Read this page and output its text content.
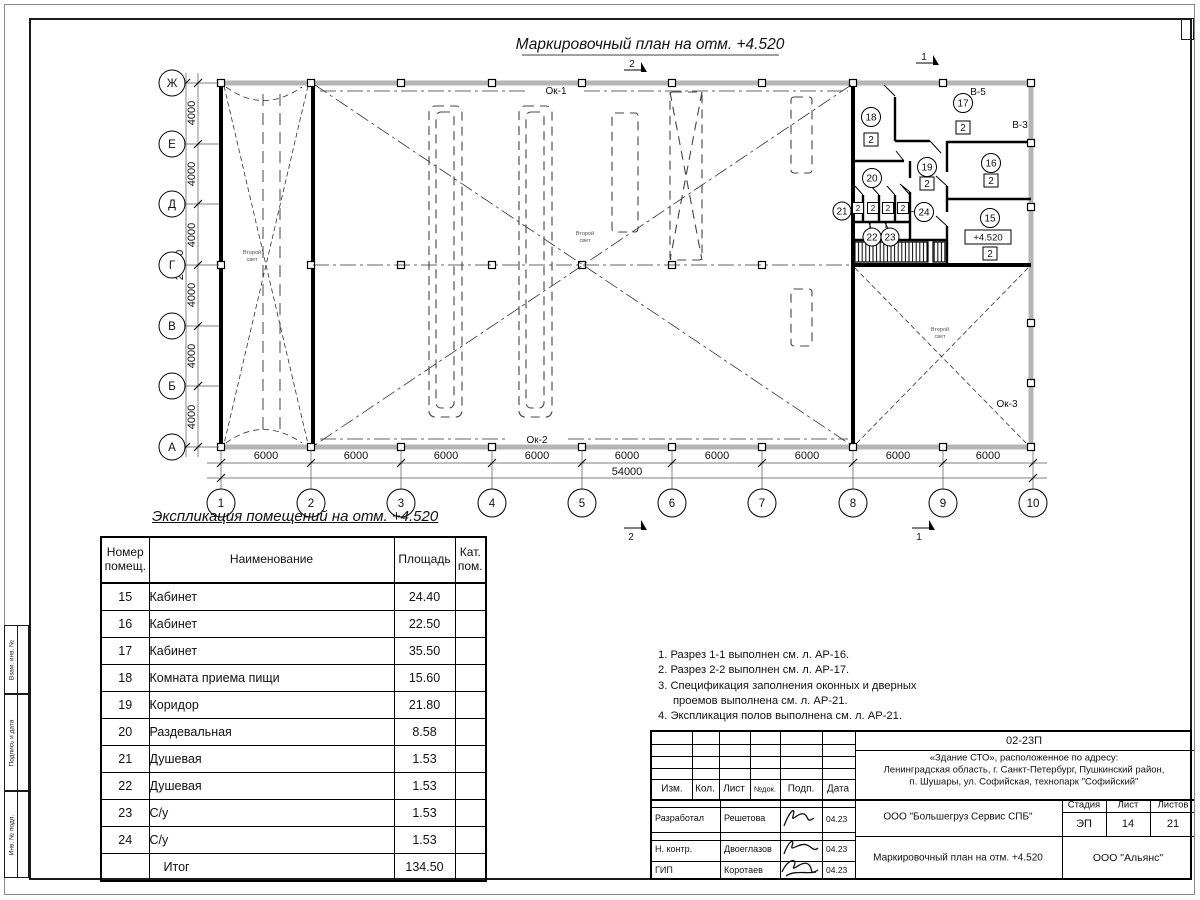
Взам. инв. №
Подпись и дата
Инв. № подл.
Маркировочный план на отм. +4.520
2
1
2	1
Ок-1
Ок-2
Ок-3
В-5
В-3
Второй
свет
Второй
свет
Второй
свет
6000	6000	6000	6000	6000	6000	6000	6000	6000
54000
4000
4000
4000
4000
4000
4000
Ж
Е
Д
Г
В
Б
А
1	2	3	4	5	6	7	8	9	10
17
2
18
2
19
2
16
2
15
+4.520
2
20
21
22 23
24
2 2 2 2
Экспликация помещений на отм. +4.520
Номер помещ.	Наименование	Площадь	Кат. пом.
15	Кабинет	24.40	
16	Кабинет	22.50	
17	Кабинет	35.50	
18	Комната приема пищи	15.60	
19	Коридор	21.80	
20	Раздевальная	8.58	
21	Душевая	1.53	
22	Душевая	1.53	
23	С/у	1.53	
24	С/у	1.53	
	Итог	134.50	
1. Разрез 1-1 выполнен см. л. АР-16.
2. Разрез 2-2 выполнен см. л. АР-17.
3. Спецификация заполнения оконных и дверных
проемов выполнена см. л. АР-21.
4. Экспликация полов выполнена см. л. АР-21.
Изм. Кол. Лист №док. Подп. Дата
Разработал Решетова	04.23
Н. контр.	Двоеглазов	04.23
ГИП	Коротаев	04.23
02-23П
«Здание СТО», расположенное по адресу:
Ленинградская область, г. Санкт-Петербург, Пушкинский район,
п. Шушары, ул. Софийская, технопарк "Софийский"
ООО "Большегруз Сервис СПБ"
Маркировочный план на отм. +4.520
Стадия Лист Листов
ЭП	14	21
ООО "Альянс"
